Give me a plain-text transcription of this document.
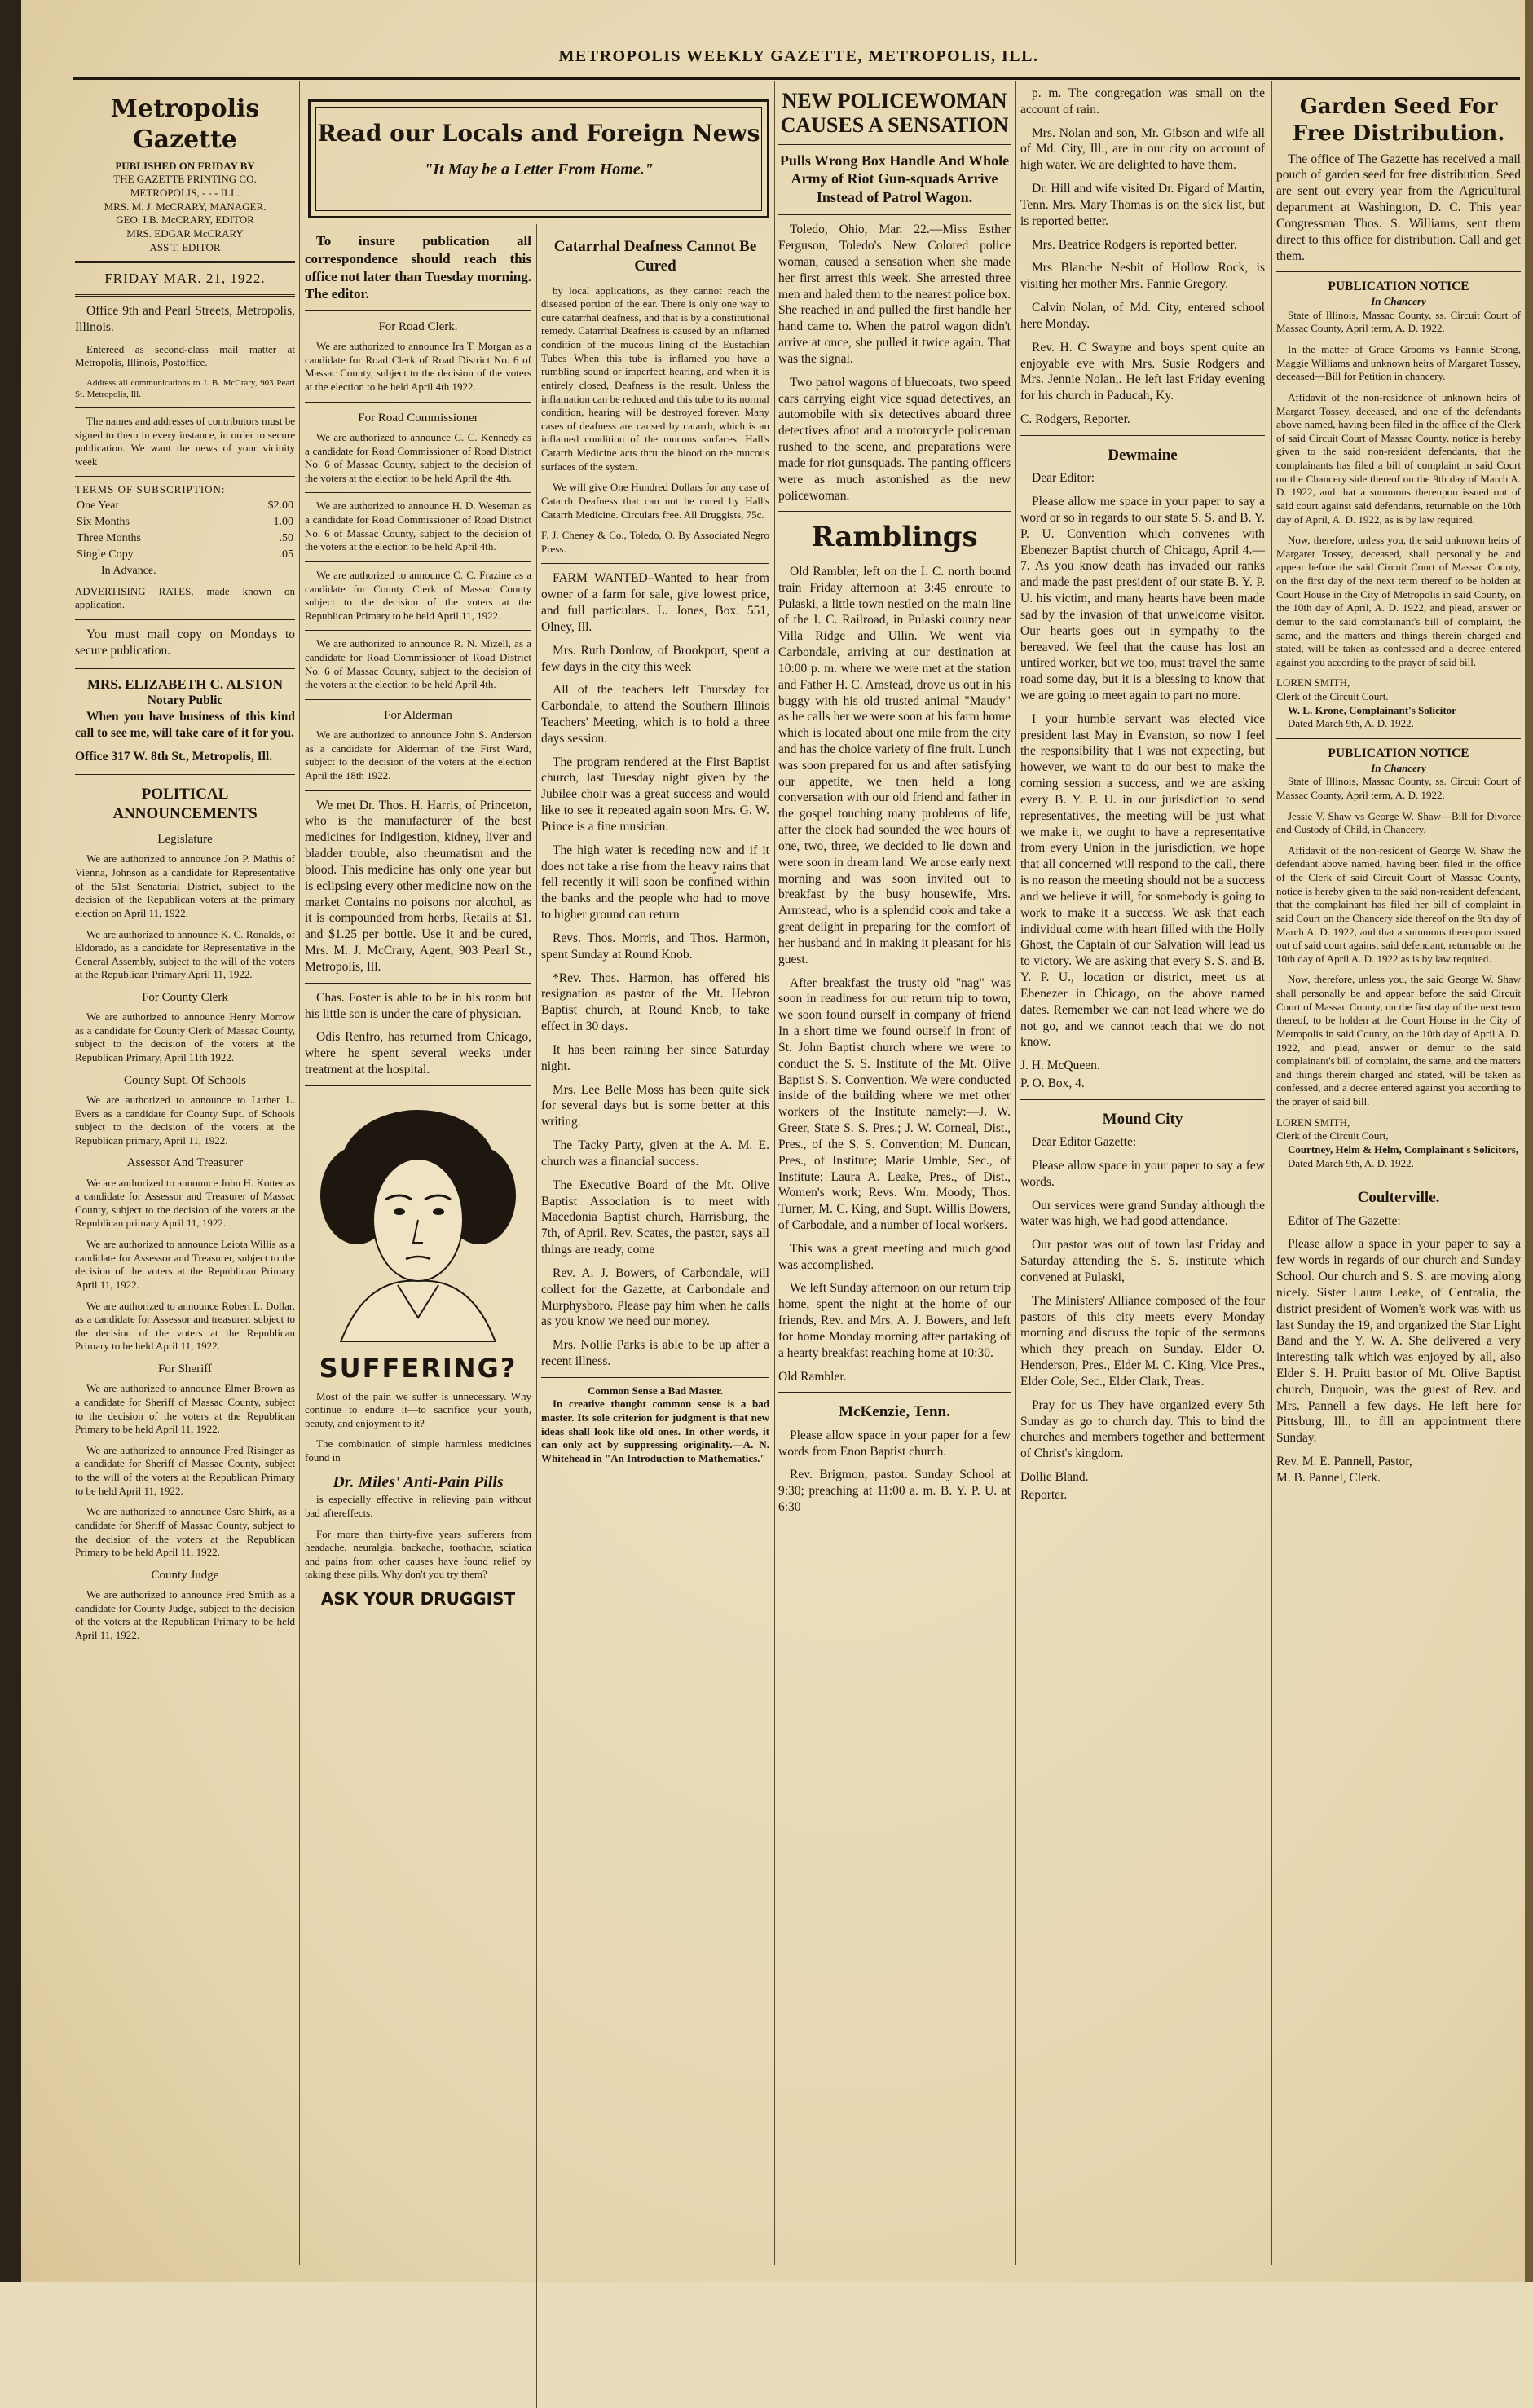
METROPOLIS WEEKLY GAZETTE, METROPOLIS, ILL.
Metropolis Gazette
PUBLISHED ON FRIDAY BY
THE GAZETTE PRINTING CO.
METROPOLIS, - - - ILL.
MRS. M. J. McCRARY, MANAGER.
GEO. I.B. McCRARY, EDITOR
MRS. EDGAR McCRARY
ASS'T. EDITOR
FRIDAY MAR. 21, 1922.

Office 9th and Pearl Streets, Metropolis, Illinois.

Entereed as second-class mail matter at Metropolis, Illinois, Postoffice.

Address all communications to J. B. McCrary, 903 Pearl St. Metropolis, Ill.

The names and addresses of contributors must be signed to them in every instance, in order to secure publication. We want the news of your vicinity week

TERMS OF SUBSCRIPTION:
One Year	$2.00
Six Months	1.00
Three Months	.50
Single Copy	.05
In Advance.	

ADVERTISING RATES, made known on application.

You must mail copy on Mondays to secure publication.

MRS. ELIZABETH C. ALSTON
Notary Public

When you have business of this kind call to see me, will take care of it for you.

Office 317 W. 8th St., Metropolis, Ill.

POLITICAL ANNOUNCEMENTS
Legislature

We are authorized to announce Jon P. Mathis of Vienna, Johnson as a candidate for Representative of the 51st Senatorial District, subject to the decision of the Republican voters at the primary election on April 11, 1922.

We are authorized to announce K. C. Ronalds, of Eldorado, as a candidate for Representative in the General Assembly, subject to the will of the voters at the Republican Primary April 11, 1922.

For County Clerk

We are authorized to announce Henry Morrow as a candidate for County Clerk of Massac County, subject to the decision of the voters at the Republican Primary, April 11th 1922.

County Supt. Of Schools

We are authorized to announce to Luther L. Evers as a candidate for County Supt. of Schools subject to the decision of the voters at the Republican primary, April 11, 1922.

Assessor And Treasurer

We are authorized to announce John H. Kotter as a candidate for Assessor and Treasurer of Massac County, subject to the decision of the voters at the Republican primary April 11, 1922.

We are authorized to announce Leiota Willis as a candidate for Assessor and Treasurer, subject to the decision of the voters at the Republican Primary April 11, 1922.

We are authorized to announce Robert L. Dollar, as a candidate for Assessor and treasurer, subject to the decision of the voters at the Republican Primary to be held April 11, 1922.

For Sheriff

We are authorized to announce Elmer Brown as a candidate for Sheriff of Massac County, subject to the decision of the voters at the Republican Primary to be held April 11, 1922.

We are authorized to announce Fred Risinger as a candidate for Sheriff of Massac County, subject to the will of the voters at the Republican Primary to be held April 11, 1922.

We are authorized to announce Osro Shirk, as a candidate for Sheriff of Massac County, subject to the decision of the voters at the Republican Primary to be held April 11, 1922.

County Judge

We are authorized to announce Fred Smith as a candidate for County Judge, subject to the decision of the voters at the Republican Primary to be held April 11, 1922.

Read our Locals and Foreign News
"It May be a Letter From Home."

To insure publication all correspondence should reach this office not later than Tuesday morning. The editor.

For Road Clerk.

We are authorized to announce Ira T. Morgan as a candidate for Road Clerk of Road District No. 6 of Massac County, subject to the decision of the voters at the election to be held April 4th 1922.

For Road Commissioner

We are authorized to announce C. C. Kennedy as a candidate for Road Commissioner of Road District No. 6 of Massac County, subject to the decision of the voters at the election to be held April the 4th.

We are authorized to announce H. D. Weseman as a candidate for Road Commissioner of Road District No. 6 of Massac County, subject to the decision of the voters at the election to be held April 4th.

We are authorized to announce C. C. Frazine as a candidate for County Clerk of Massac County subject to the decision of the voters at the Republican Primary to be held April 11, 1922.

We are authorized to announce R. N. Mizell, as a candidate for Road Commissioner of Road District No. 6 of Massac County, subject to the decision of the voters at the election to be held April 4th.

For Alderman

We are authorized to announce John S. Anderson as a candidate for Alderman of the First Ward, subject to the decision of the voters at the election April the 18th 1922.

We met Dr. Thos. H. Harris, of Princeton, who is the manufacturer of the best medicines for Indigestion, kidney, liver and bladder trouble, also rheumatism and the blood. This medicine has only one year but is eclipsing every other medicine now on the market Contains no poisons nor alcohol, as it is compounded from herbs, Retails at $1. and $1.25 per bottle. Use it and be cured, Mrs. M. J. McCrary, Agent, 903 Pearl St., Metropolis, Ill.

Chas. Foster is able to be in his room but his little son is under the care of physician.

Odis Renfro, has returned from Chicago, where he spent several weeks under treatment at the hospital.

SUFFERING?

Most of the pain we suffer is unnecessary. Why continue to endure it—to sacrifice your youth, beauty, and enjoyment to it?

The combination of simple harmless medicines found in

Dr. Miles' Anti-Pain Pills

is especially effective in relieving pain without bad aftereffects.

For more than thirty-five years sufferers from headache, neuralgia, backache, toothache, sciatica and pains from other causes have found relief by taking these pills. Why don't you try them?

ASK YOUR DRUGGIST
Catarrhal Deafness Cannot Be Cured

by local applications, as they cannot reach the diseased portion of the ear. There is only one way to cure catarrhal deafness, and that is by a constitutional remedy. Catarrhal Deafness is caused by an inflamed condition of the mucous lining of the Eustachian Tubes When this tube is inflamed you have a rumbling sound or imperfect hearing, and when it is entirely closed, Deafness is the result. Unless the inflamation can be reduced and this tube to its normal condition, hearing will be destroyed forever. Many cases of deafness are caused by catarrh, which is an inflamed condition of the mucous surfaces. Hall's Catarrh Medicine acts thru the blood on the mucous surfaces of the system.

We will give One Hundred Dollars for any case of Catarrh Deafness that can not be cured by Hall's Catarrh Medicine. Circulars free. All Druggists, 75c.

F. J. Cheney & Co., Toledo, O. By Associated Negro Press.

FARM WANTED–Wanted to hear from owner of a farm for sale, give lowest price, and full particulars. L. Jones, Box. 551, Olney, Ill.

Mrs. Ruth Donlow, of Brookport, spent a few days in the city this week

All of the teachers left Thursday for Carbondale, to attend the Southern Illinois Teachers' Meeting, which is to hold a three days session.

The program rendered at the First Baptist church, last Tuesday night given by the Jubilee choir was a great success and would like to see it repeated again soon Mrs. G. W. Prince is a fine musician.

The high water is receding now and if it does not take a rise from the heavy rains that fell recently it will soon be confined within the banks and the people who had to move to higher ground can return

Revs. Thos. Morris, and Thos. Harmon, spent Sunday at Round Knob.

*Rev. Thos. Harmon, has offered his resignation as pastor of the Mt. Hebron Baptist church, at Round Knob, to take effect in 30 days.

It has been raining her since Saturday night.

Mrs. Lee Belle Moss has been quite sick for several days but is some better at this writing.

The Tacky Party, given at the A. M. E. church was a financial success.

The Executive Board of the Mt. Olive Baptist Association is to meet with Macedonia Baptist church, Harrisburg, the 7th, of April. Rev. Scates, the pastor, says all things are ready, come

Rev. A. J. Bowers, of Carbondale, will collect for the Gazette, at Carbondale and Murphysboro. Please pay him when he calls as you know we need our money.

Mrs. Nollie Parks is able to be up after a recent illness.

Common Sense a Bad Master.

In creative thought common sense is a bad master. Its sole criterion for judgment is that new ideas shall look like old ones. In other words, it can only act by suppressing originality.—A. N. Whitehead in "An Introduction to Mathematics."

NEW POLICEWOMAN CAUSES A SENSATION
Pulls Wrong Box Handle And Whole Army of Riot Gun-squads Arrive Instead of Patrol Wagon.

Toledo, Ohio, Mar. 22.—Miss Esther Ferguson, Toledo's New Colored police woman, caused a sensation when she made her first arrest this week. She arrested three men and haled them to the nearest police box. She reached in and pulled the first handle her hand came to. When the patrol wagon didn't arrive at once, she pulled it twice again. That was the signal.

Two patrol wagons of bluecoats, two speed cars carrying eight vice squad detectives, an automobile with six detectives aboard three detectives afoot and a motorcycle policeman rushed to the scene, and preparations were made for riot gunsquads. The panting officers were as much astonished as the new policewoman.

Ramblings

Old Rambler, left on the I. C. north bound train Friday afternoon at 3:45 enroute to Pulaski, a little town nestled on the main line of the I. C. Railroad, in Pulaski county near Villa Ridge and Ullin. We went via Carbondale, arriving at our destination at 10:00 p. m. where we were met at the station and Father H. C. Amstead, drove us out in his buggy with his old trusted animal "Maudy" as he calls her we were soon at his farm home which is located about one mile from the city and has the choice variety of fine fruit. Lunch was soon prepared for us and after satisfying our appetite, we then held a long conversation with our old friend and father in the gospel touching many problems of life, after the clock had sounded the wee hours of one, two, three, we decided to lie down and were soon in dream land. We arose early next morning and was soon invited out to breakfast by the busy housewife, Mrs. Armstead, who is a splendid cook and take a great delight in preparing for the comfort of her husband and in making it pleasant for his guest.

After breakfast the trusty old "nag" was soon in readiness for our return trip to town, we soon found ourself in company of friend In a short time we found ourself in front of St. John Baptist church where we were to conduct the S. S. Institute of the Mt. Olive Baptist S. S. Convention. We were conducted inside of the building where we met other workers of the Institute namely:—J. W. Greer, State S. S. Pres.; J. W. Corneal, Dist., Pres., of the S. S. Convention; M. Duncan, Pres., of Institute; Marie Umble, Sec., of Institute; Laura A. Leake, Pres., of Dist., Women's work; Revs. Wm. Moody, Thos. Turner, M. C. King, and Supt. Willis Bowers, of Carbodale, and a number of local workers.

This was a great meeting and much good was accomplished.

We left Sunday afternoon on our return trip home, spent the night at the home of our friends, Rev. and Mrs. A. J. Bowers, and left for home Monday morning after partaking of a hearty breakfast reaching home at 10:30.

Old Rambler.

McKenzie, Tenn.

Please allow space in your paper for a few words from Enon Baptist church.

Rev. Brigmon, pastor. Sunday School at 9:30; preaching at 11:00 a. m. B. Y. P. U. at 6:30

p. m. The congregation was small on the account of rain.

Mrs. Nolan and son, Mr. Gibson and wife all of Md. City, Ill., are in our city on account of high water. We are delighted to have them.

Dr. Hill and wife visited Dr. Pigard of Martin, Tenn. Mrs. Mary Thomas is on the sick list, but is reported better.

Mrs. Beatrice Rodgers is reported better.

Mrs Blanche Nesbit of Hollow Rock, is visiting her mother Mrs. Fannie Gregory.

Calvin Nolan, of Md. City, entered school here Monday.

Rev. H. C Swayne and boys spent quite an enjoyable eve with Mrs. Susie Rodgers and Mrs. Jennie Nolan,. He left last Friday evening for his church in Paducah, Ky.

C. Rodgers, Reporter.

Dewmaine

Dear Editor:

Please allow me space in your paper to say a word or so in regards to our state S. S. and B. Y. P. U. Convention which convenes with Ebenezer Baptist church of Chicago, April 4.—7. As you know death has invaded our ranks and made the past president of our state B. Y. P. U. his victim, and many hearts have been made sad by the invasion of that unwelcome visitor. Our hearts goes out in sympathy to the bereaved. We feel that the cause has lost an untired worker, but we too, must travel the same road some day, but it is a blessing to know that we are going to meet again to part no more.

I your humble servant was elected vice president last May in Evanston, so now I feel the responsibility that I was not expecting, but however, we want to do our best to make the coming session a success, and we are asking every B. Y. P. U. in our jurisdiction to send representatives, the meeting will be just what we make it, we ought to have a representative from every Union in the jurisdiction, we hope that all concerned will respond to the call, there is no reason the meeting should not be a success and we believe it will, for somebody is going to work to make it a success. We ask that each individual come with heart filled with the Holly Ghost, the Captain of our Salvation will lead us to victory. We are asking that every S. S. and B. Y. P. U., location or district, meet us at Ebenezer in Chicago, on the above named dates. Remember we can not lead where we do not go, and we cannot teach that we do not know.

J. H. McQueen.

P. O. Box, 4.

Mound City

Dear Editor Gazette:

Please allow space in your paper to say a few words.

Our services were grand Sunday although the water was high, we had good attendance.

Our pastor was out of town last Friday and Saturday attending the S. S. institute which convened at Pulaski,

The Ministers' Alliance composed of the four pastors of this city meets every Monday morning and discuss the topic of the sermons which they preach on Sunday. Elder O. Henderson, Pres., Elder M. C. King, Vice Pres., Elder Cole, Sec., Elder Clark, Treas.

Pray for us They have organized every 5th Sunday as go to church day. This to bind the churches and members together and betterment of Christ's kingdom.

Dollie Bland.

Reporter.

Garden Seed For Free Distribution.

The office of The Gazette has received a mail pouch of garden seed for free distribution. Seed are sent out every year from the Agricultural department at Washington, D. C. This year Congressman Thos. S. Williams, sent them direct to this office for distribution. Call and get them.

PUBLICATION NOTICE
In Chancery

State of Illinois, Massac County, ss. Circuit Court of Massac County, April term, A. D. 1922.

In the matter of Grace Grooms vs Fannie Strong, Maggie Williams and unknown heirs of Margaret Tossey, deceased—Bill for Petition in chancery.

Affidavit of the non-residence of unknown heirs of Margaret Tossey, deceased, and one of the defendants above named, having been filed in the office of the Clerk of said Circuit Court of Massac County, notice is hereby given to the said non-resident defendants, that the complainants has filed a bill of complaint in said Court on the Chancery side thereof on the 9th day of March A. D. 1922, and that a summons thereupon issued out of said court against said defendants, returnable on the 10th day of April, A. D. 1922, as is by law required.

Now, therefore, unless you, the said unknown heirs of Margaret Tossey, deceased, shall personally be and appear before the said Circuit Court of Massac County, on the first day of the next term thereof to be holden at Court House in the City of Metropolis in said County, on the 10th day of April, A. D. 1922, and plead, answer or demur to the said complainant's bill of complaint, the same, and the matters and things therein charged and stated, will be taken as confessed and a decree entered against you according to the prayer of said bill.

LOREN SMITH,

Clerk of the Circuit Court.

W. L. Krone, Complainant's Solicitor

Dated March 9th, A. D. 1922.

PUBLICATION NOTICE
In Chancery

State of Illinois, Massac County, ss. Circuit Court of Massac County, April term, A. D. 1922.

Jessie V. Shaw vs George W. Shaw—Bill for Divorce and Custody of Child, in Chancery.

Affidavit of the non-resident of George W. Shaw the defendant above named, having been filed in the office of the Clerk of said Circuit Court of Massac County, notice is hereby given to the said non-resident defendant, that the complainant has filed her bill of complaint in said Court on the Chancery side thereof on the 9th day of March A. D. 1922, and that a summons thereupon issued out of said court against said defendant, returnable on the 10th day of April A. D. 1922 as is by law required.

Now, therefore, unless you, the said George W. Shaw shall personally be and appear before the said Circuit Court of Massac County, on the first day of the next term thereof, to be holden at the Court House in the City of Metropolis in said County, on the 10th day of April A. D. 1922, and plead, answer or demur to the said complainant's bill of complaint, the same, and the matters and things therein charged and stated, will be taken as confessed, and a decree entered against you according to the prayer of said bill.

LOREN SMITH,

Clerk of the Circuit Court,

Courtney, Helm & Helm, Complainant's Solicitors,

Dated March 9th, A. D. 1922.

Coulterville.

Editor of The Gazette:

Please allow a space in your paper to say a few words in regards of our church and Sunday School. Our church and S. S. are moving along nicely. Sister Laura Leake, of Centralia, the district president of Women's work was with us last Sunday the 19, and organized the Star Light Band and the Y. W. A. She delivered a very interesting talk which was enjoyed by all, also Elder S. H. Pruitt bastor of Mt. Olive Baptist church, Duquoin, was the guest of Rev. and Mrs. Pannell a few days. He left here for Pittsburg, Ill., to fill an appointment there Sunday.

Rev. M. E. Pannell, Pastor,

M. B. Pannel, Clerk.
